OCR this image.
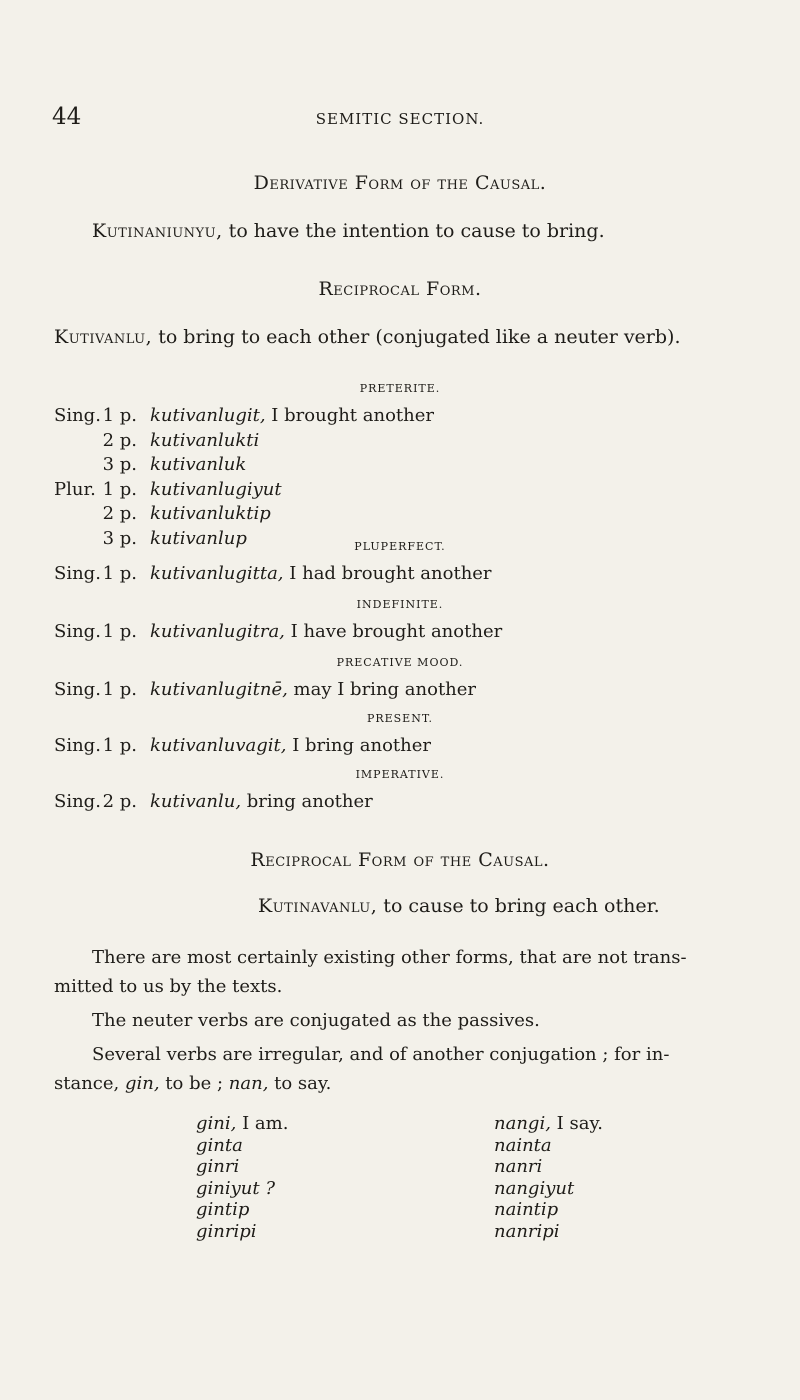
44	SEMITIC SECTION.
Derivative Form of the Causal.
Kutinaniunyu, to have the intention to cause to bring.
Reciprocal Form.
Kutivanlu, to bring to each other (conjugated like a neuter verb).
PRETERITE.
Sing. 1 p. kutivanlugit, I brought another
2 p. kutivanlukti
3 p. kutivanluk
Plur. 1 p. kutivanlugiyut
2 p. kutivanluktip
3 p. kutivanlup	PLUPERFECT.
Sing. 1 p. kutivanlugitta, I had brought another
INDEFINITE.
Sing. 1 p. kutivanlugitra, I have brought another
PRECATIVE MOOD.
Sing. 1 p. kutivanlugitnē, may I bring another
PRESENT.
Sing. 1 p. kutivanluvagit, I bring another
IMPERATIVE.
Sing. 2 p. kutivanlu, bring another
Reciprocal Form of the Causal.
Kutinavanlu, to cause to bring each other.
There are most certainly existing other forms, that are not trans-
mitted to us by the texts.
The neuter verbs are conjugated as the passives.
Several verbs are irregular, and of another conjugation ; for in-
stance, gin, to be ; nan, to say.
gini, I am.
ginta
ginri
giniyut ?
gintip
ginripi
nangi, I say.
nainta
nanri
nangiyut
naintip
nanripi
